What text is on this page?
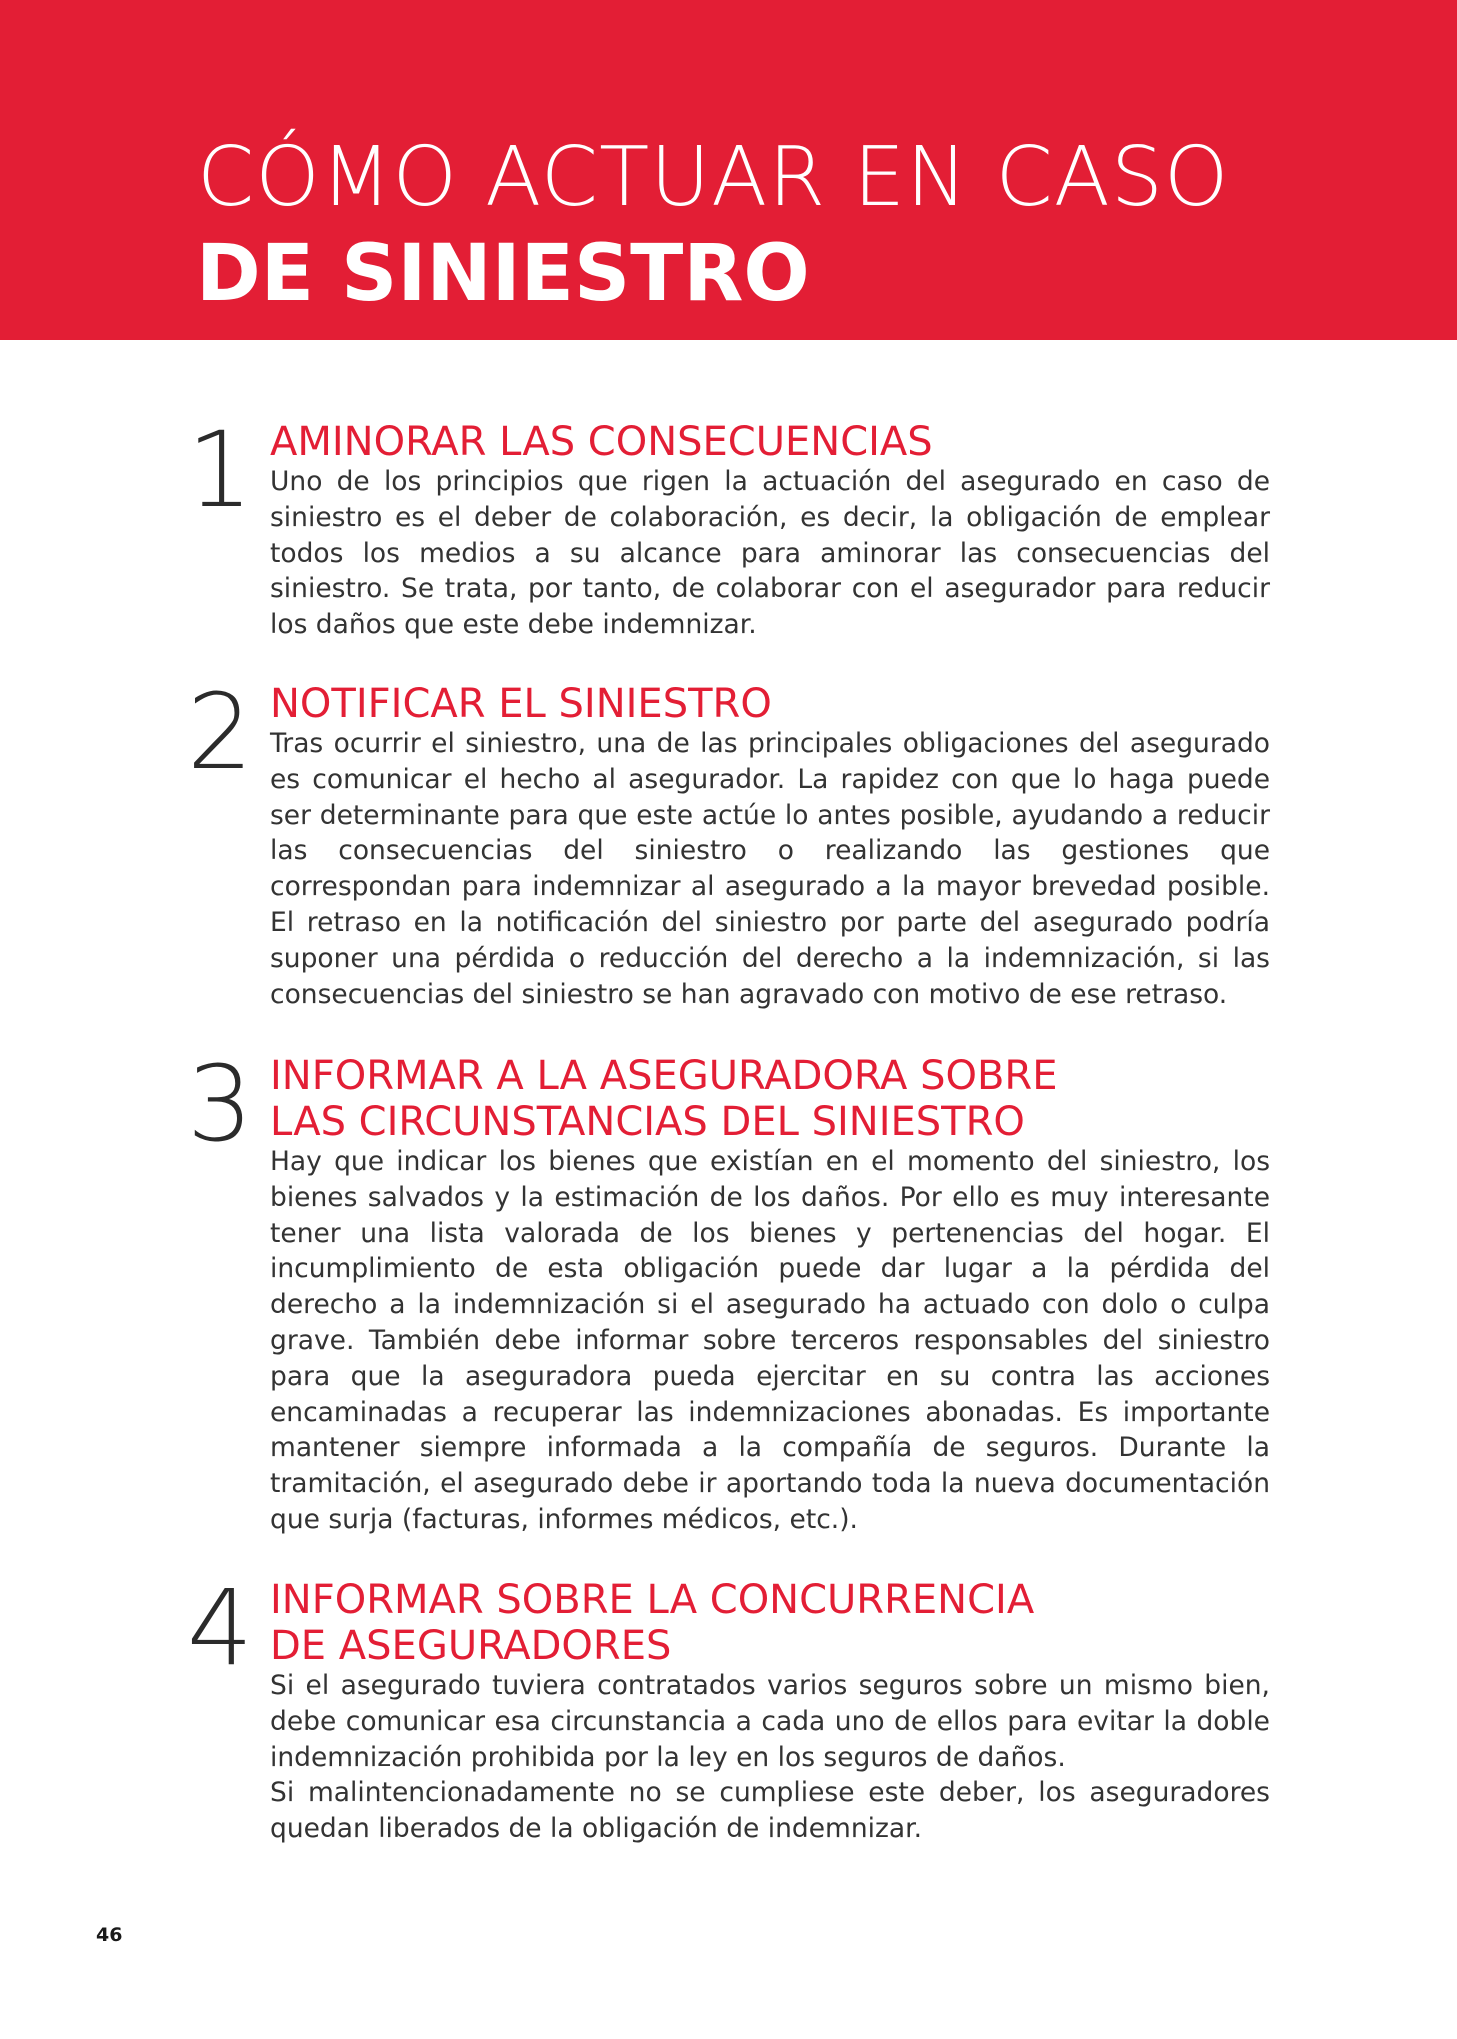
CÓMO ACTUAR EN CASO
DE SINIESTRO
1 AMINORAR LAS CONSECUENCIAS

Uno de los principios que rigen la actuación del asegurado en caso de siniestro es el deber de colaboración, es decir, la obligación de emplear todos los medios a su alcance para aminorar las consecuencias del siniestro. Se trata, por tanto, de colaborar con el asegurador para reducir los daños que este debe indemnizar.

2 NOTIFICAR EL SINIESTRO

Tras ocurrir el siniestro, una de las principales obligaciones del asegurado es comunicar el hecho al asegurador. La rapidez con que lo haga puede ser determinante para que este actúe lo antes posible, ayudando a reducir las consecuencias del siniestro o realizando las gestiones que correspondan para indemnizar al asegurado a la mayor brevedad posible. El retraso en la notificación del siniestro por parte del asegurado podría suponer una pérdida o reducción del derecho a la indemnización, si las consecuencias del siniestro se han agravado con motivo de ese retraso.

3 INFORMAR A LA ASEGURADORA SOBRE
LAS CIRCUNSTANCIAS DEL SINIESTRO

Hay que indicar los bienes que existían en el momento del siniestro, los bienes salvados y la estimación de los daños. Por ello es muy interesante tener una lista valorada de los bienes y pertenencias del hogar. El incumplimiento de esta obligación puede dar lugar a la pérdida del derecho a la indemnización si el asegurado ha actuado con dolo o culpa grave. También debe informar sobre terceros responsables del siniestro para que la aseguradora pueda ejercitar en su contra las acciones encaminadas a recuperar las indemnizaciones abonadas. Es importante mantener siempre informada a la compañía de seguros. Durante la tramitación, el asegurado debe ir aportando toda la nueva documentación que surja (facturas, informes médicos, etc.).

4 INFORMAR SOBRE LA CONCURRENCIA
DE ASEGURADORES

Si el asegurado tuviera contratados varios seguros sobre un mismo bien, debe comunicar esa circunstancia a cada uno de ellos para evitar la doble indemnización prohibida por la ley en los seguros de daños.
Si malintencionadamente no se cumpliese este deber, los aseguradores quedan liberados de la obligación de indemnizar.

46
